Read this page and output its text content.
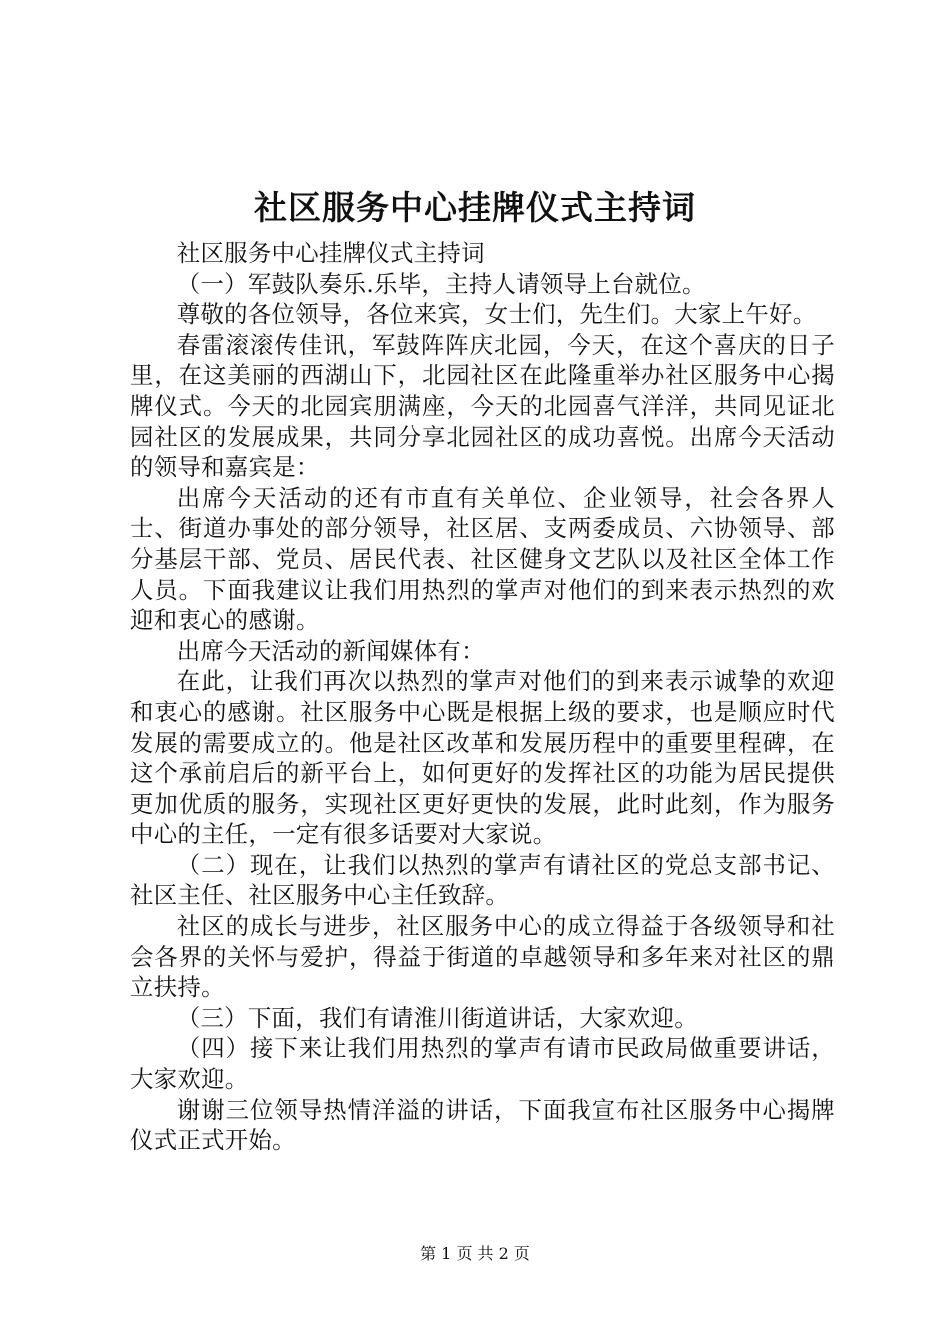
社区服务中心挂牌仪式主持词

社区服务中心挂牌仪式主持词

（一）军鼓队奏乐.乐毕，主持人请领导上台就位。

尊敬的各位领导，各位来宾，女士们，先生们。大家上午好。

春雷滚滚传佳讯，军鼓阵阵庆北园，今天，在这个喜庆的日子里，在这美丽的西湖山下，北园社区在此隆重举办社区服务中心揭牌仪式。今天的北园宾朋满座，今天的北园喜气洋洋，共同见证北园社区的发展成果，共同分享北园社区的成功喜悦。出席今天活动的领导和嘉宾是：

出席今天活动的还有市直有关单位、企业领导，社会各界人士、街道办事处的部分领导，社区居、支两委成员、六协领导、部分基层干部、党员、居民代表、社区健身文艺队以及社区全体工作人员。下面我建议让我们用热烈的掌声对他们的到来表示热烈的欢迎和衷心的感谢。

出席今天活动的新闻媒体有：

在此，让我们再次以热烈的掌声对他们的到来表示诚挚的欢迎和衷心的感谢。社区服务中心既是根据上级的要求，也是顺应时代发展的需要成立的。他是社区改革和发展历程中的重要里程碑，在这个承前启后的新平台上，如何更好的发挥社区的功能为居民提供更加优质的服务，实现社区更好更快的发展，此时此刻，作为服务中心的主任，一定有很多话要对大家说。

（二）现在，让我们以热烈的掌声有请社区的党总支部书记、社区主任、社区服务中心主任致辞。

社区的成长与进步，社区服务中心的成立得益于各级领导和社会各界的关怀与爱护，得益于街道的卓越领导和多年来对社区的鼎立扶持。

（三）下面，我们有请淮川街道讲话，大家欢迎。

（四）接下来让我们用热烈的掌声有请市民政局做重要讲话，大家欢迎。

谢谢三位领导热情洋溢的讲话，下面我宣布社区服务中心揭牌仪式正式开始。

第 1 页 共 2 页
